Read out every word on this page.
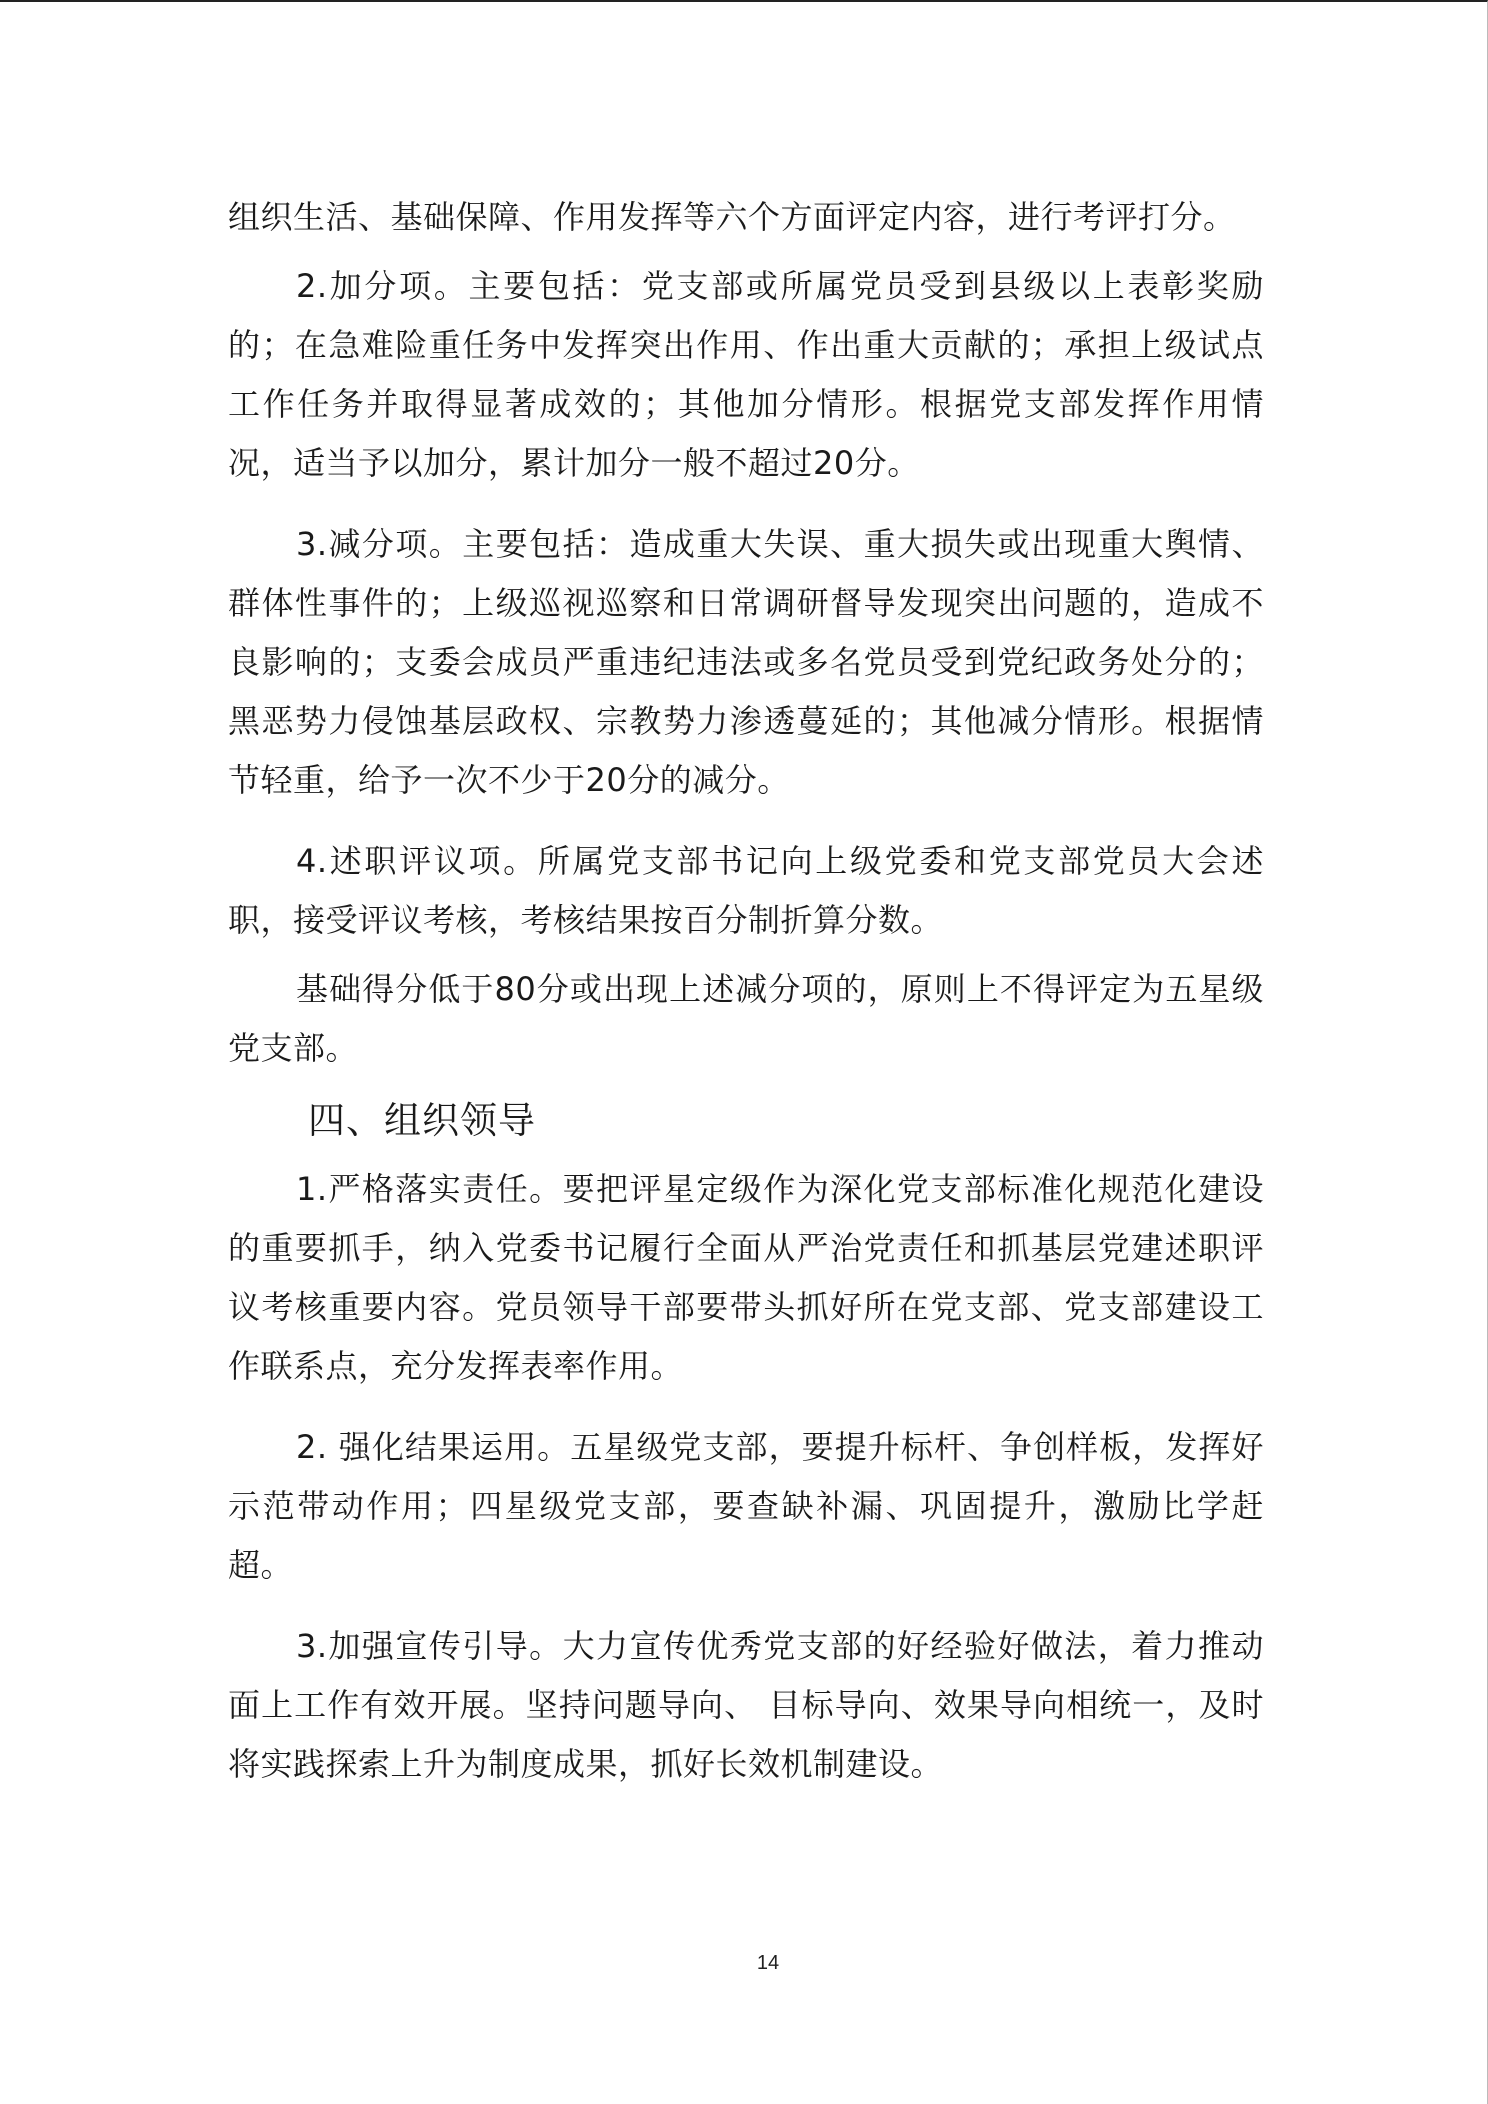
组织生活、基础保障、作用发挥等六个方面评定内容，进行考评打分。

2.加分项。主要包括：党支部或所属党员受到县级以上表彰奖励的；在急难险重任务中发挥突出作用、作出重大贡献的；承担上级试点工作任务并取得显著成效的；其他加分情形。根据党支部发挥作用情况，适当予以加分，累计加分一般不超过20分。

3.减分项。主要包括：造成重大失误、重大损失或出现重大舆情、群体性事件的；上级巡视巡察和日常调研督导发现突出问题的，造成不良影响的；支委会成员严重违纪违法或多名党员受到党纪政务处分的；黑恶势力侵蚀基层政权、宗教势力渗透蔓延的；其他减分情形。根据情节轻重，给予一次不少于20分的减分。

4.述职评议项。所属党支部书记向上级党委和党支部党员大会述职，接受评议考核，考核结果按百分制折算分数。

基础得分低于80分或出现上述减分项的，原则上不得评定为五星级党支部。

四、组织领导

1.严格落实责任。要把评星定级作为深化党支部标准化规范化建设的重要抓手，纳入党委书记履行全面从严治党责任和抓基层党建述职评议考核重要内容。党员领导干部要带头抓好所在党支部、党支部建设工作联系点，充分发挥表率作用。

2. 强化结果运用。五星级党支部，要提升标杆、争创样板，发挥好示范带动作用；四星级党支部，要查缺补漏、巩固提升，激励比学赶超。

3.加强宣传引导。大力宣传优秀党支部的好经验好做法，着力推动面上工作有效开展。坚持问题导向、 目标导向、效果导向相统一，及时将实践探索上升为制度成果，抓好长效机制建设。

14
